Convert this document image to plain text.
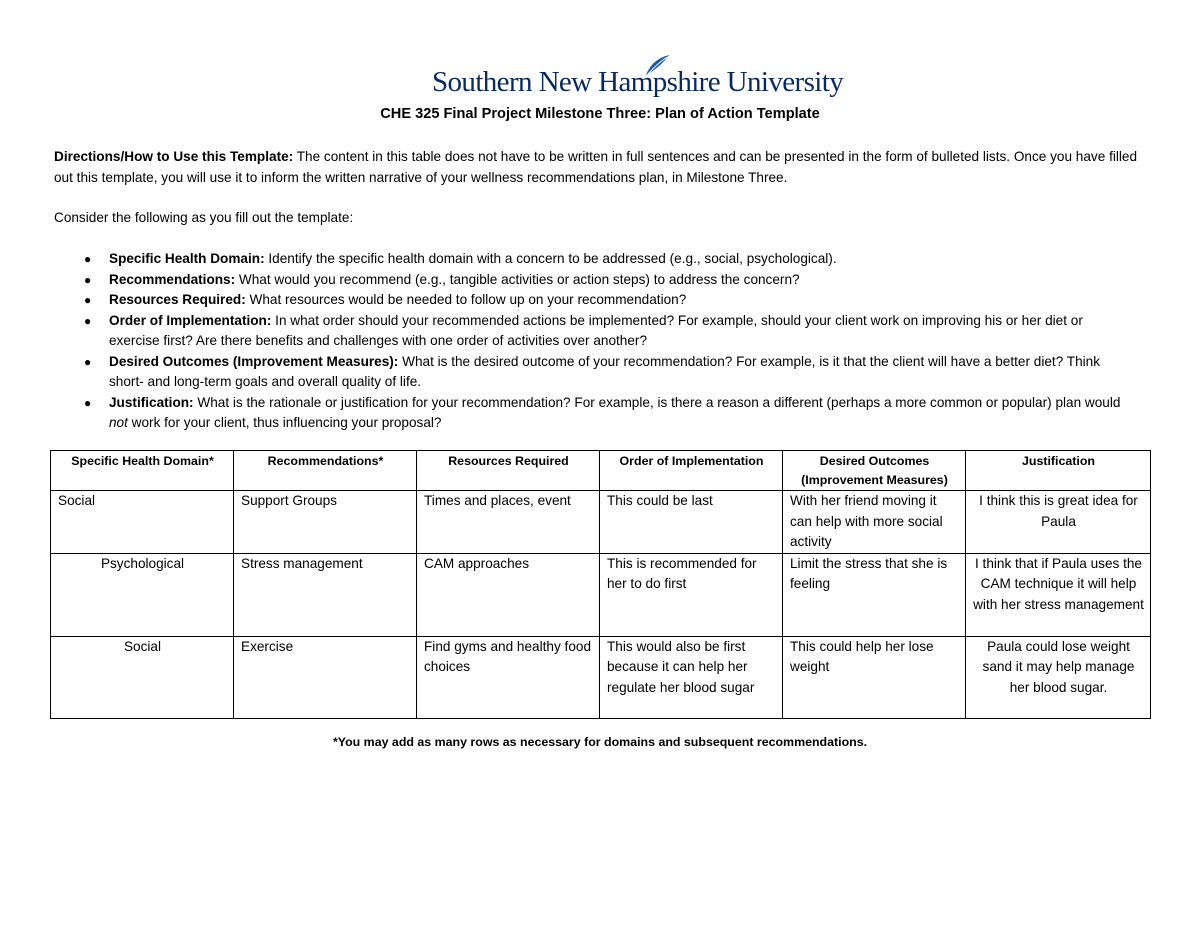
Southern New Hampshire University
CHE 325 Final Project Milestone Three: Plan of Action Template
Directions/How to Use this Template: The content in this table does not have to be written in full sentences and can be presented in the form of bulleted lists. Once you have filled out this template, you will use it to inform the written narrative of your wellness recommendations plan, in Milestone Three.
Consider the following as you fill out the template:
● Specific Health Domain: Identify the specific health domain with a concern to be addressed (e.g., social, psychological).
● Recommendations: What would you recommend (e.g., tangible activities or action steps) to address the concern?
● Resources Required: What resources would be needed to follow up on your recommendation?
● Order of Implementation: In what order should your recommended actions be implemented? For example, should your client work on improving his or her diet or exercise first? Are there benefits and challenges with one order of activities over another?
● Desired Outcomes (Improvement Measures): What is the desired outcome of your recommendation? For example, is it that the client will have a better diet? Think short- and long-term goals and overall quality of life.
● Justification: What is the rationale or justification for your recommendation? For example, is there a reason a different (perhaps a more common or popular) plan would not work for your client, thus influencing your proposal?
Specific Health Domain*	Recommendations*	Resources Required	Order of Implementation	Desired Outcomes (Improvement Measures)	Justification
Social	Support Groups	Times and places, event	This could be last	With her friend moving it can help with more social activity	I think this is great idea for Paula
Psychological	Stress management	CAM approaches	This is recommended for her to do first	Limit the stress that she is feeling	I think that if Paula uses the CAM technique it will help with her stress management
Social	Exercise	Find gyms and healthy food choices	This would also be first because it can help her regulate her blood sugar	This could help her lose weight	Paula could lose weight sand it may help manage her blood sugar.
*You may add as many rows as necessary for domains and subsequent recommendations.
